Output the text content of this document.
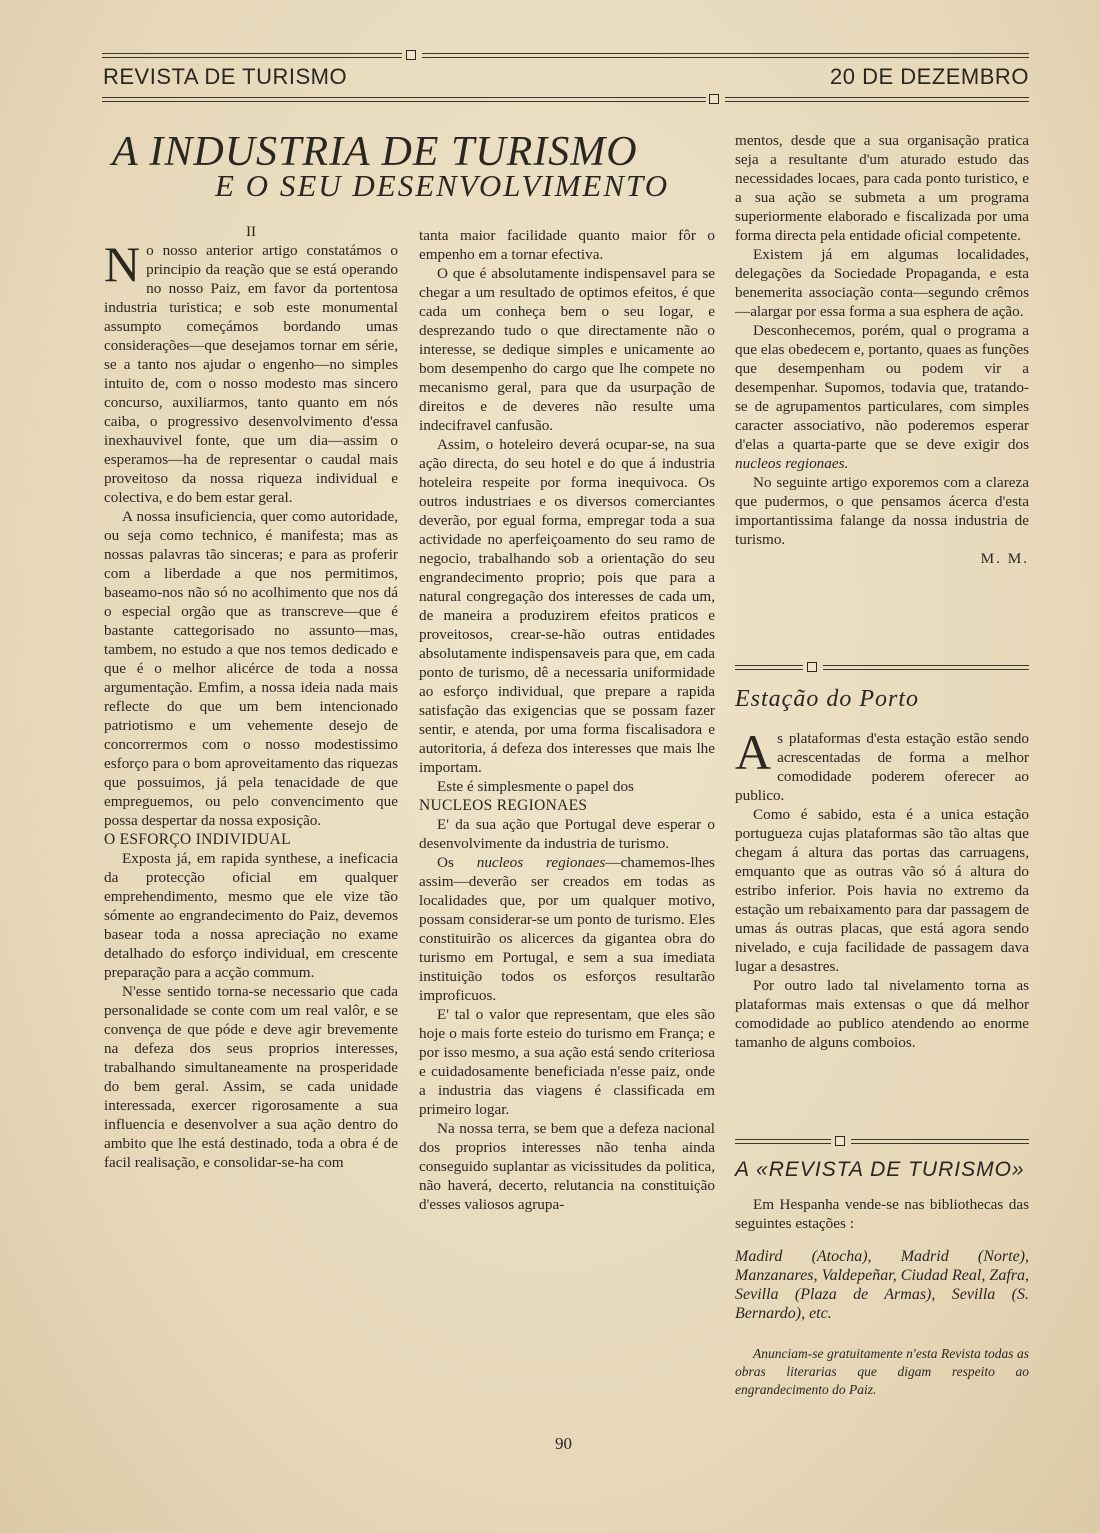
REVISTA DE TURISMO	20 DE DEZEMBRO
A INDUSTRIA DE TURISMO
E O SEU DESENVOLVIMENTO

II

No nosso anterior artigo constatámos o principio da reação que se está operando no nosso Paiz, em favor da portentosa industria turistica; e sob este monumental assumpto começámos bordando umas considerações—que desejamos tornar em série, se a tanto nos ajudar o engenho—no simples intuito de, com o nosso modesto mas sincero concurso, auxiliarmos, tanto quanto em nós caiba, o progressivo desenvolvimento d'essa inexhauvivel fonte, que um dia—assim o esperamos—ha de representar o caudal mais proveitoso da nossa riqueza individual e colectiva, e do bem estar geral.

A nossa insuficiencia, quer como autoridade, ou seja como technico, é manifesta; mas as nossas palavras tão sinceras; e para as proferir com a liberdade a que nos permitimos, baseamo-nos não só no acolhimento que nos dá o especial orgão que as transcreve—que é bastante cattegorisado no assunto—mas, tambem, no estudo a que nos temos dedicado e que é o melhor alicérce de toda a nossa argumentação. Emfim, a nossa ideia nada mais reflecte do que um bem intencionado patriotismo e um vehemente desejo de concorrermos com o nosso modestissimo esforço para o bom aproveitamento das riquezas que possuimos, já pela tenacidade de que empreguemos, ou pelo convencimento que possa despertar da nossa exposição.

O ESFORÇO INDIVIDUAL

Exposta já, em rapida synthese, a ineficacia da protecção oficial em qualquer emprehendimento, mesmo que ele vize tão sómente ao engrandecimento do Paiz, devemos basear toda a nossa apreciação no exame detalhado do esforço individual, em crescente preparação para a acção commum.

N'esse sentido torna-se necessario que cada personalidade se conte com um real valôr, e se convença de que póde e deve agir brevemente na defeza dos seus proprios interesses, trabalhando simultaneamente na prosperidade do bem geral. Assim, se cada unidade interessada, exercer rigorosamente a sua influencia e desenvolver a sua ação dentro do ambito que lhe está destinado, toda a obra é de facil realisação, e consolidar-se-ha com

tanta maior facilidade quanto maior fôr o empenho em a tornar efectiva.

O que é absolutamente indispensavel para se chegar a um resultado de optimos efeitos, é que cada um conheça bem o seu logar, e desprezando tudo o que directamente não o interesse, se dedique simples e unicamente ao bom desempenho do cargo que lhe compete no mecanismo geral, para que da usurpação de direitos e de deveres não resulte uma indecifravel canfusão.

Assim, o hoteleiro deverá ocupar-se, na sua ação directa, do seu hotel e do que á industria hoteleira respeite por forma inequivoca. Os outros industriaes e os diversos comerciantes deverão, por egual forma, empregar toda a sua actividade no aperfeiçoamento do seu ramo de negocio, trabalhando sob a orientação do seu engrandecimento proprio; pois que para a natural congregação dos interesses de cada um, de maneira a produzirem efeitos praticos e proveitosos, crear-se-hão outras entidades absolutamente indispensaveis para que, em cada ponto de turismo, dê a necessaria uniformidade ao esforço individual, que prepare a rapida satisfação das exigencias que se possam fazer sentir, e atenda, por uma forma fiscalisadora e autoritoria, á defeza dos interesses que mais lhe importam.

Este é simplesmente o papel dos

NUCLEOS REGIONAES

E' da sua ação que Portugal deve esperar o desenvolvimente da industria de turismo.

Os nucleos regionaes—chamemos-lhes assim—deverão ser creados em todas as localidades que, por um qualquer motivo, possam considerar-se um ponto de turismo. Eles constituirão os alicerces da gigantea obra do turismo em Portugal, e sem a sua imediata instituição todos os esforços resultarão improficuos.

E' tal o valor que representam, que eles são hoje o mais forte esteio do turismo em França; e por isso mesmo, a sua ação está sendo criteriosa e cuidadosamente beneficiada n'esse paiz, onde a industria das viagens é classificada em primeiro logar.

Na nossa terra, se bem que a defeza nacional dos proprios interesses não tenha ainda conseguido suplantar as vicissitudes da politica, não haverá, decerto, relutancia na constituição d'esses valiosos agrupa-

mentos, desde que a sua organisação pratica seja a resultante d'um aturado estudo das necessidades locaes, para cada ponto turistico, e a sua ação se submeta a um programa superiormente elaborado e fiscalizada por uma forma directa pela entidade oficial competente.

Existem já em algumas localidades, delegações da Sociedade Propaganda, e esta benemerita associação conta—segundo crêmos—alargar por essa forma a sua esphera de ação.

Desconhecemos, porém, qual o programa a que elas obedecem e, portanto, quaes as funções que desempenham ou podem vir a desempenhar. Supomos, todavia que, tratando-se de agrupamentos particulares, com simples caracter associativo, não poderemos esperar d'elas a quarta-parte que se deve exigir dos nucleos regionaes.

No seguinte artigo exporemos com a clareza que pudermos, o que pensamos ácerca d'esta importantissima falange da nossa industria de turismo.

M. M.

Estação do Porto

As plataformas d'esta estação estão sendo acrescentadas de forma a melhor comodidade poderem oferecer ao publico.

Como é sabido, esta é a unica estação portugueza cujas plataformas são tão altas que chegam á altura das portas das carruagens, emquanto que as outras vão só á altura do estribo inferior. Pois havia no extremo da estação um rebaixamento para dar passagem de umas ás outras placas, que está agora sendo nivelado, e cuja facilidade de passagem dava lugar a desastres.

Por outro lado tal nivelamento torna as plataformas mais extensas o que dá melhor comodidade ao publico atendendo ao enorme tamanho de alguns comboios.

A «REVISTA DE TURISMO»

Em Hespanha vende-se nas bibliothecas das seguintes estações :

Madird (Atocha), Madrid (Norte), Manzanares, Valdepeñar, Ciudad Real, Zafra, Sevilla (Plaza de Armas), Sevilla (S. Bernardo), etc.

Anunciam-se gratuitamente n'esta Revista todas as obras literarias que digam respeito ao engrandecimento do Paiz.

90
